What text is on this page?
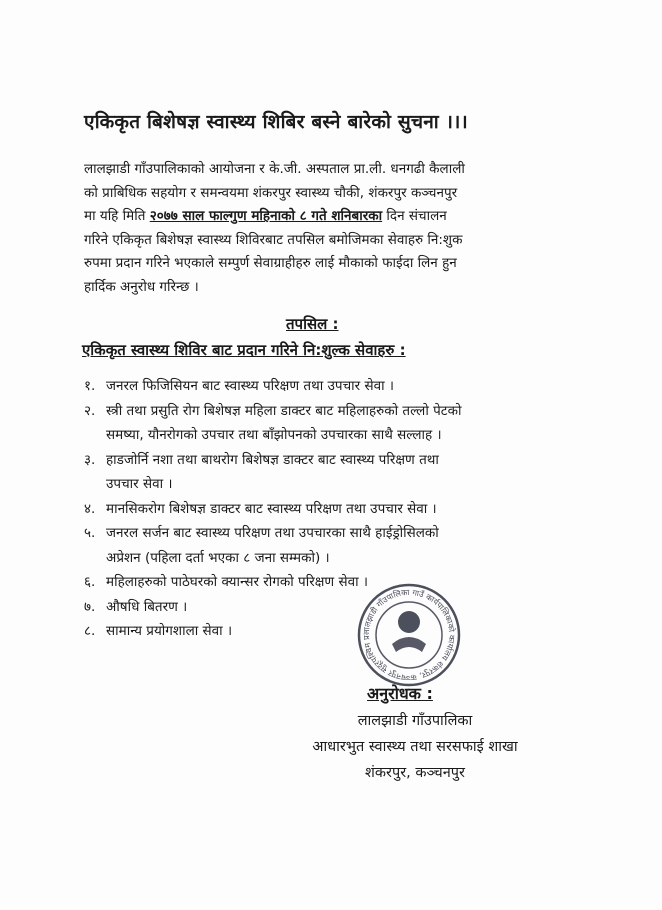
एकिकृत बिशेषज्ञ स्वास्थ्य शिबिर बस्ने बारेको सुचना ।।।
लालझाडी गाँउपालिकाको आयोजना र के.जी. अस्पताल प्रा.ली. धनगढी कैलाली
को प्राबिधिक सहयोग र समन्वयमा शंकरपुर स्वास्थ्य चौकी, शंकरपुर कञ्चनपुर
मा यहि मिति २०७७ साल फाल्गुण महिनाको ८ गते शनिबारका दिन संचालन
गरिने एकिकृत बिशेषज्ञ स्वास्थ्य शिविरबाट तपसिल बमोजिमका सेवाहरु नि:शुक
रुपमा प्रदान गरिने भएकाले सम्पुर्ण सेवाग्राहीहरु लाई मौकाको फाईदा लिन हुन
हार्दिक अनुरोध गरिन्छ ।
तपसिल :
एकिकृत स्वास्थ्य शिविर बाट प्रदान गरिने नि:शुल्क सेवाहरु :
१. जनरल फिजिसियन बाट स्वास्थ्य परिक्षण तथा उपचार सेवा ।
२. स्त्री तथा प्रसुति रोग बिशेषज्ञ महिला डाक्टर बाट महिलाहरुको तल्लो पेटको
समष्या, यौनरोगको उपचार तथा बाँझोपनको उपचारका साथै सल्लाह ।
३. हाडजोर्नि नशा तथा बाथरोग बिशेषज्ञ डाक्टर बाट स्वास्थ्य परिक्षण तथा
उपचार सेवा ।
४. मानसिकरोग बिशेषज्ञ डाक्टर बाट स्वास्थ्य परिक्षण तथा उपचार सेवा ।
५. जनरल सर्जन बाट स्वास्थ्य परिक्षण तथा उपचारका साथै हाईड्रोसिलको
अप्रेशन (पहिला दर्ता भएका ८ जना सम्मको) ।
६. महिलाहरुको पाठेघरको क्यान्सर रोगको परिक्षण सेवा ।
७. औषधि बितरण ।
८. सामान्य प्रयोगशाला सेवा ।	लालझाडी गाँउपालिका गाउँ कार्यपालिकाको कार्यालय शंकरपुर, कञ्चनपुर सुदूरपश्चिम प्र
अनुरोधक :
लालझाडी गाँउपालिका
आधारभुत स्वास्थ्य तथा सरसफाई शाखा
शंकरपुर, कञ्चनपुर
